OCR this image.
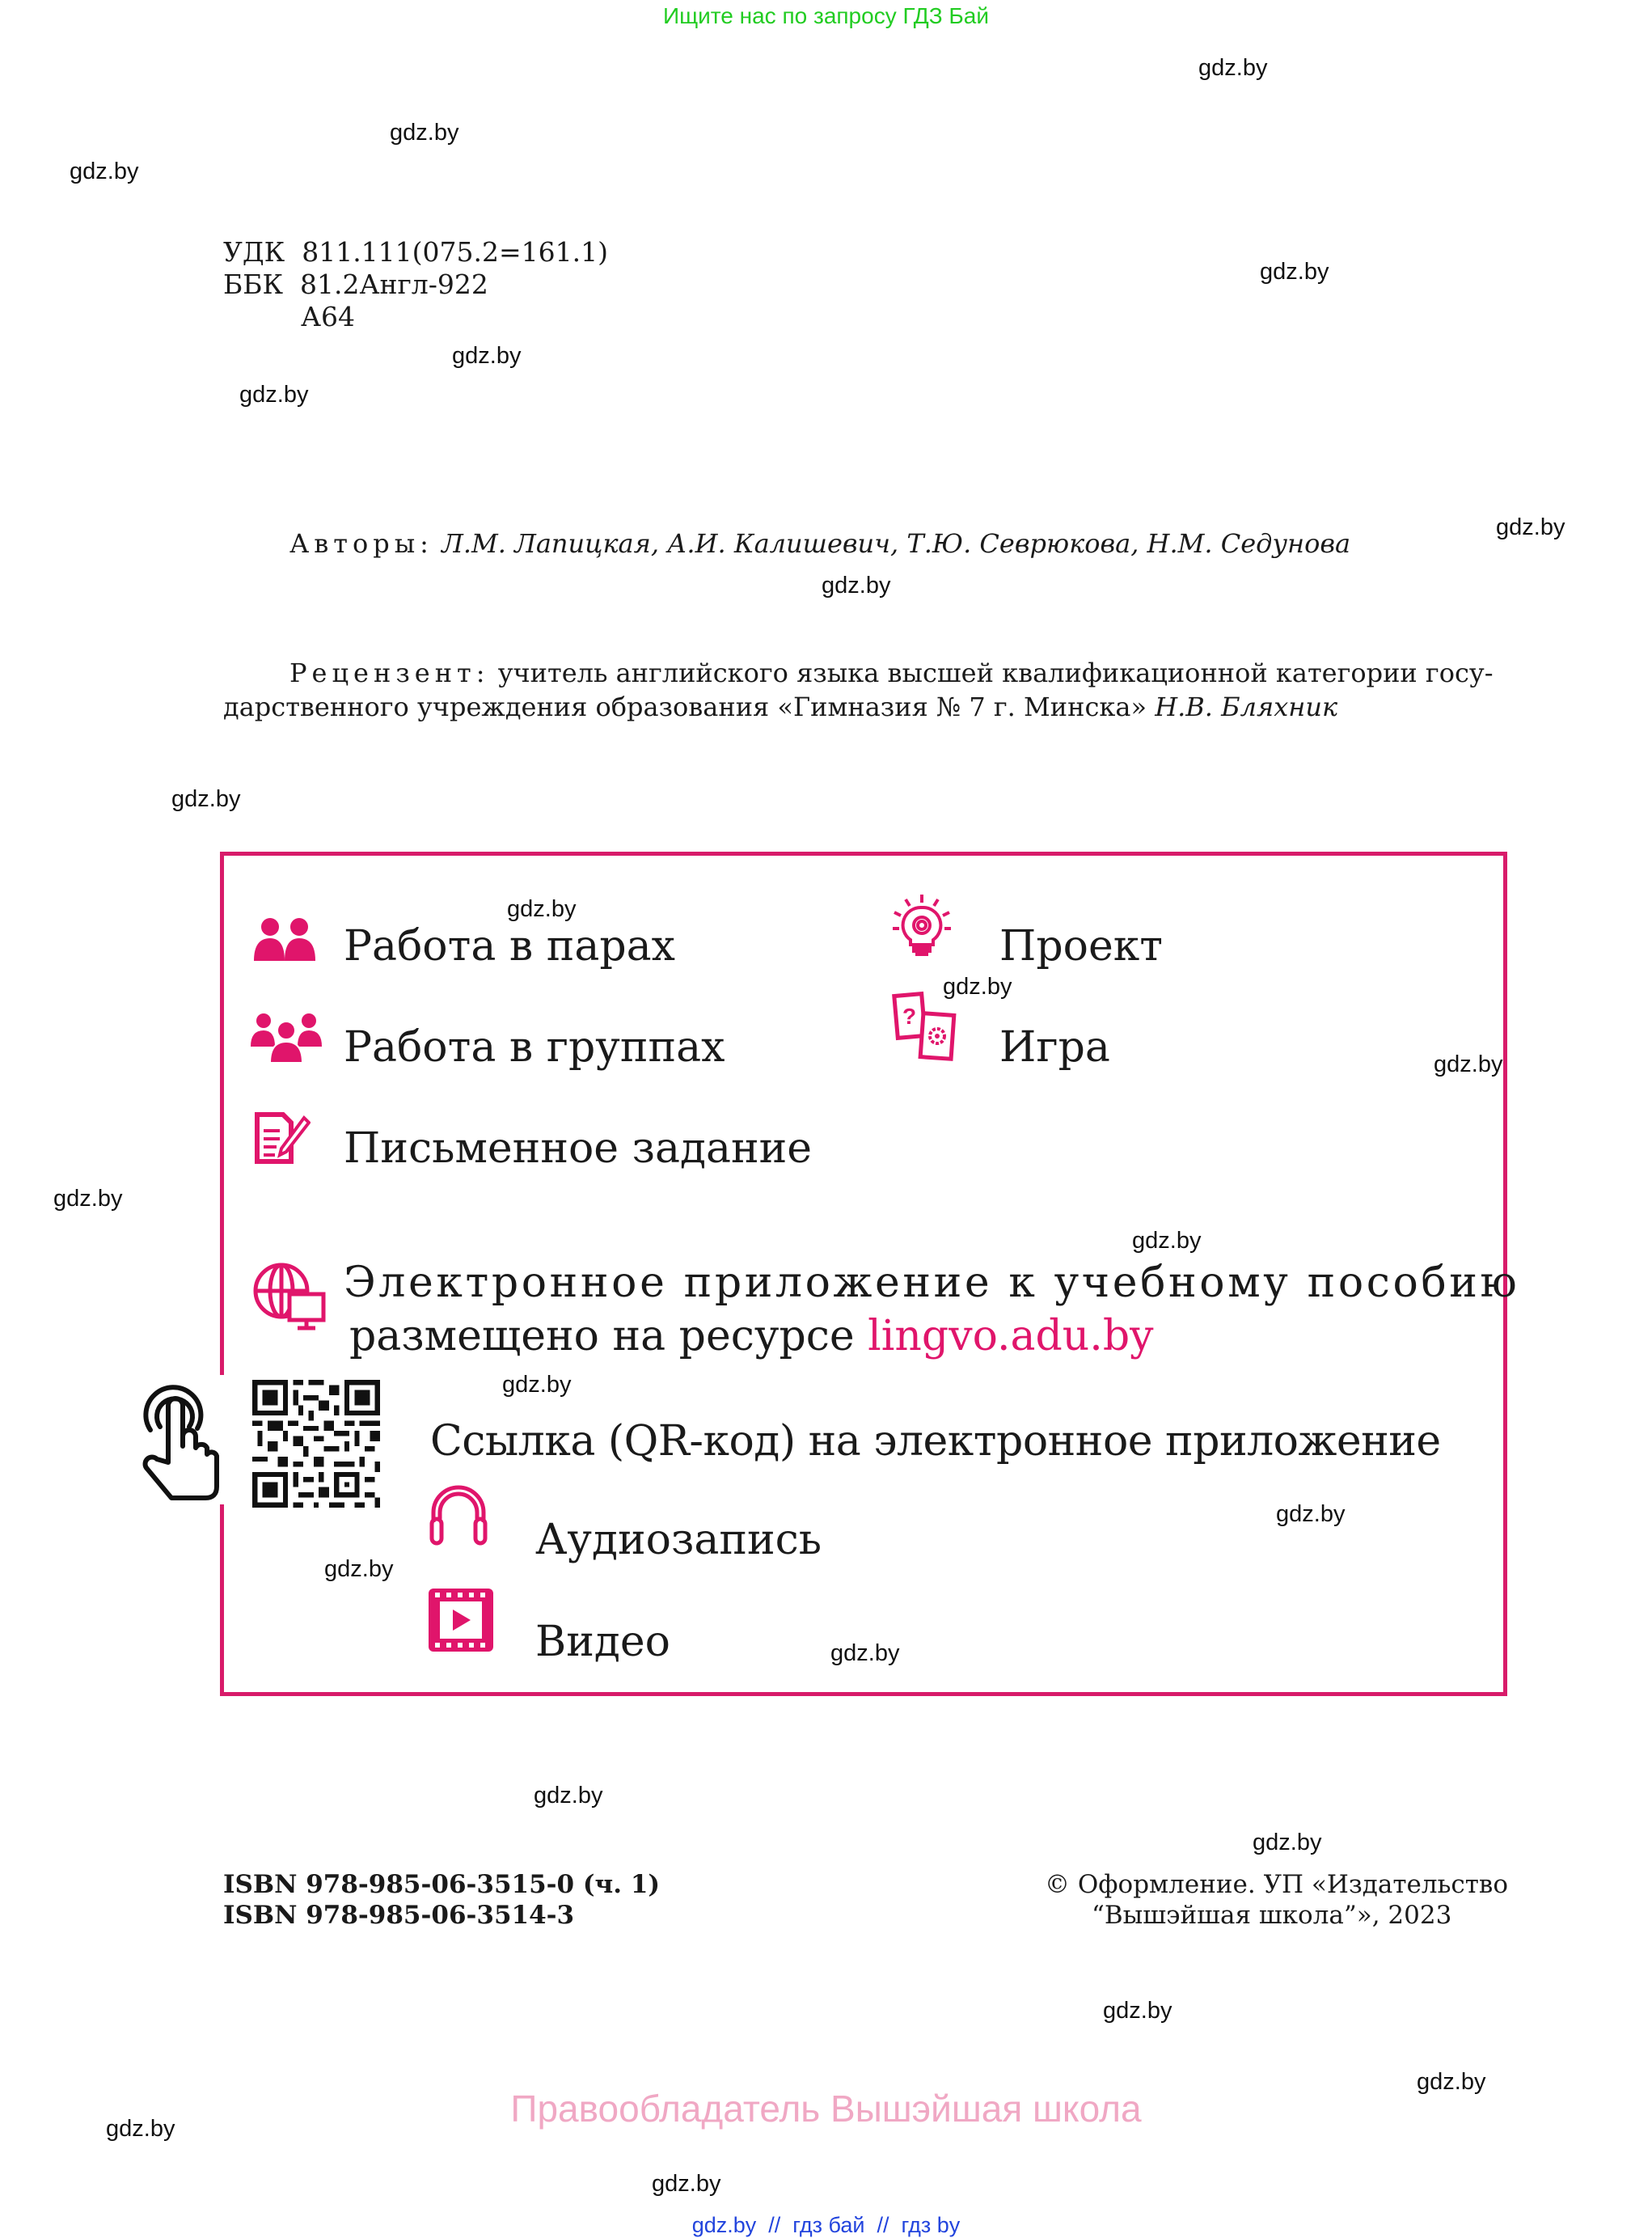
Ищите нас по запросу ГДЗ Бай
gdz.by
gdz.by
gdz.by
gdz.by
gdz.by
gdz.by
gdz.by
gdz.by
gdz.by
gdz.by
gdz.by
gdz.by
gdz.by
gdz.by
gdz.by
gdz.by
gdz.by
gdz.by
gdz.by
gdz.by
gdz.by
gdz.by
gdz.by
gdz.by
УДК 811.111(075.2=161.1)
ББК 81.2Англ-922
А64
Авторы: Л.М. Лапицкая, А.И. Калишевич, Т.Ю. Севрюкова, Н.М. Седунова
Рецензент: учитель английского языка высшей квалификационной категории госу-
дарственного учреждения образования «Гимназия № 7 г. Минска» Н.В. Бляхник
Работа в парах
Работа в группах
Письменное задание
Проект
?
Игра
Электронное приложение к учебному пособию
размещено на ресурсе lingvo.adu.by
Ссылка (QR-код) на электронное приложение
Аудиозапись
Видео
ISBN 978-985-06-3515-0 (ч. 1)
ISBN 978-985-06-3514-3
© Оформление. УП «Издательство
“Вышэйшая школа”», 2023
Правообладатель Вышэйшая школа
gdz.by  //  гдз бай  //  гдз by
